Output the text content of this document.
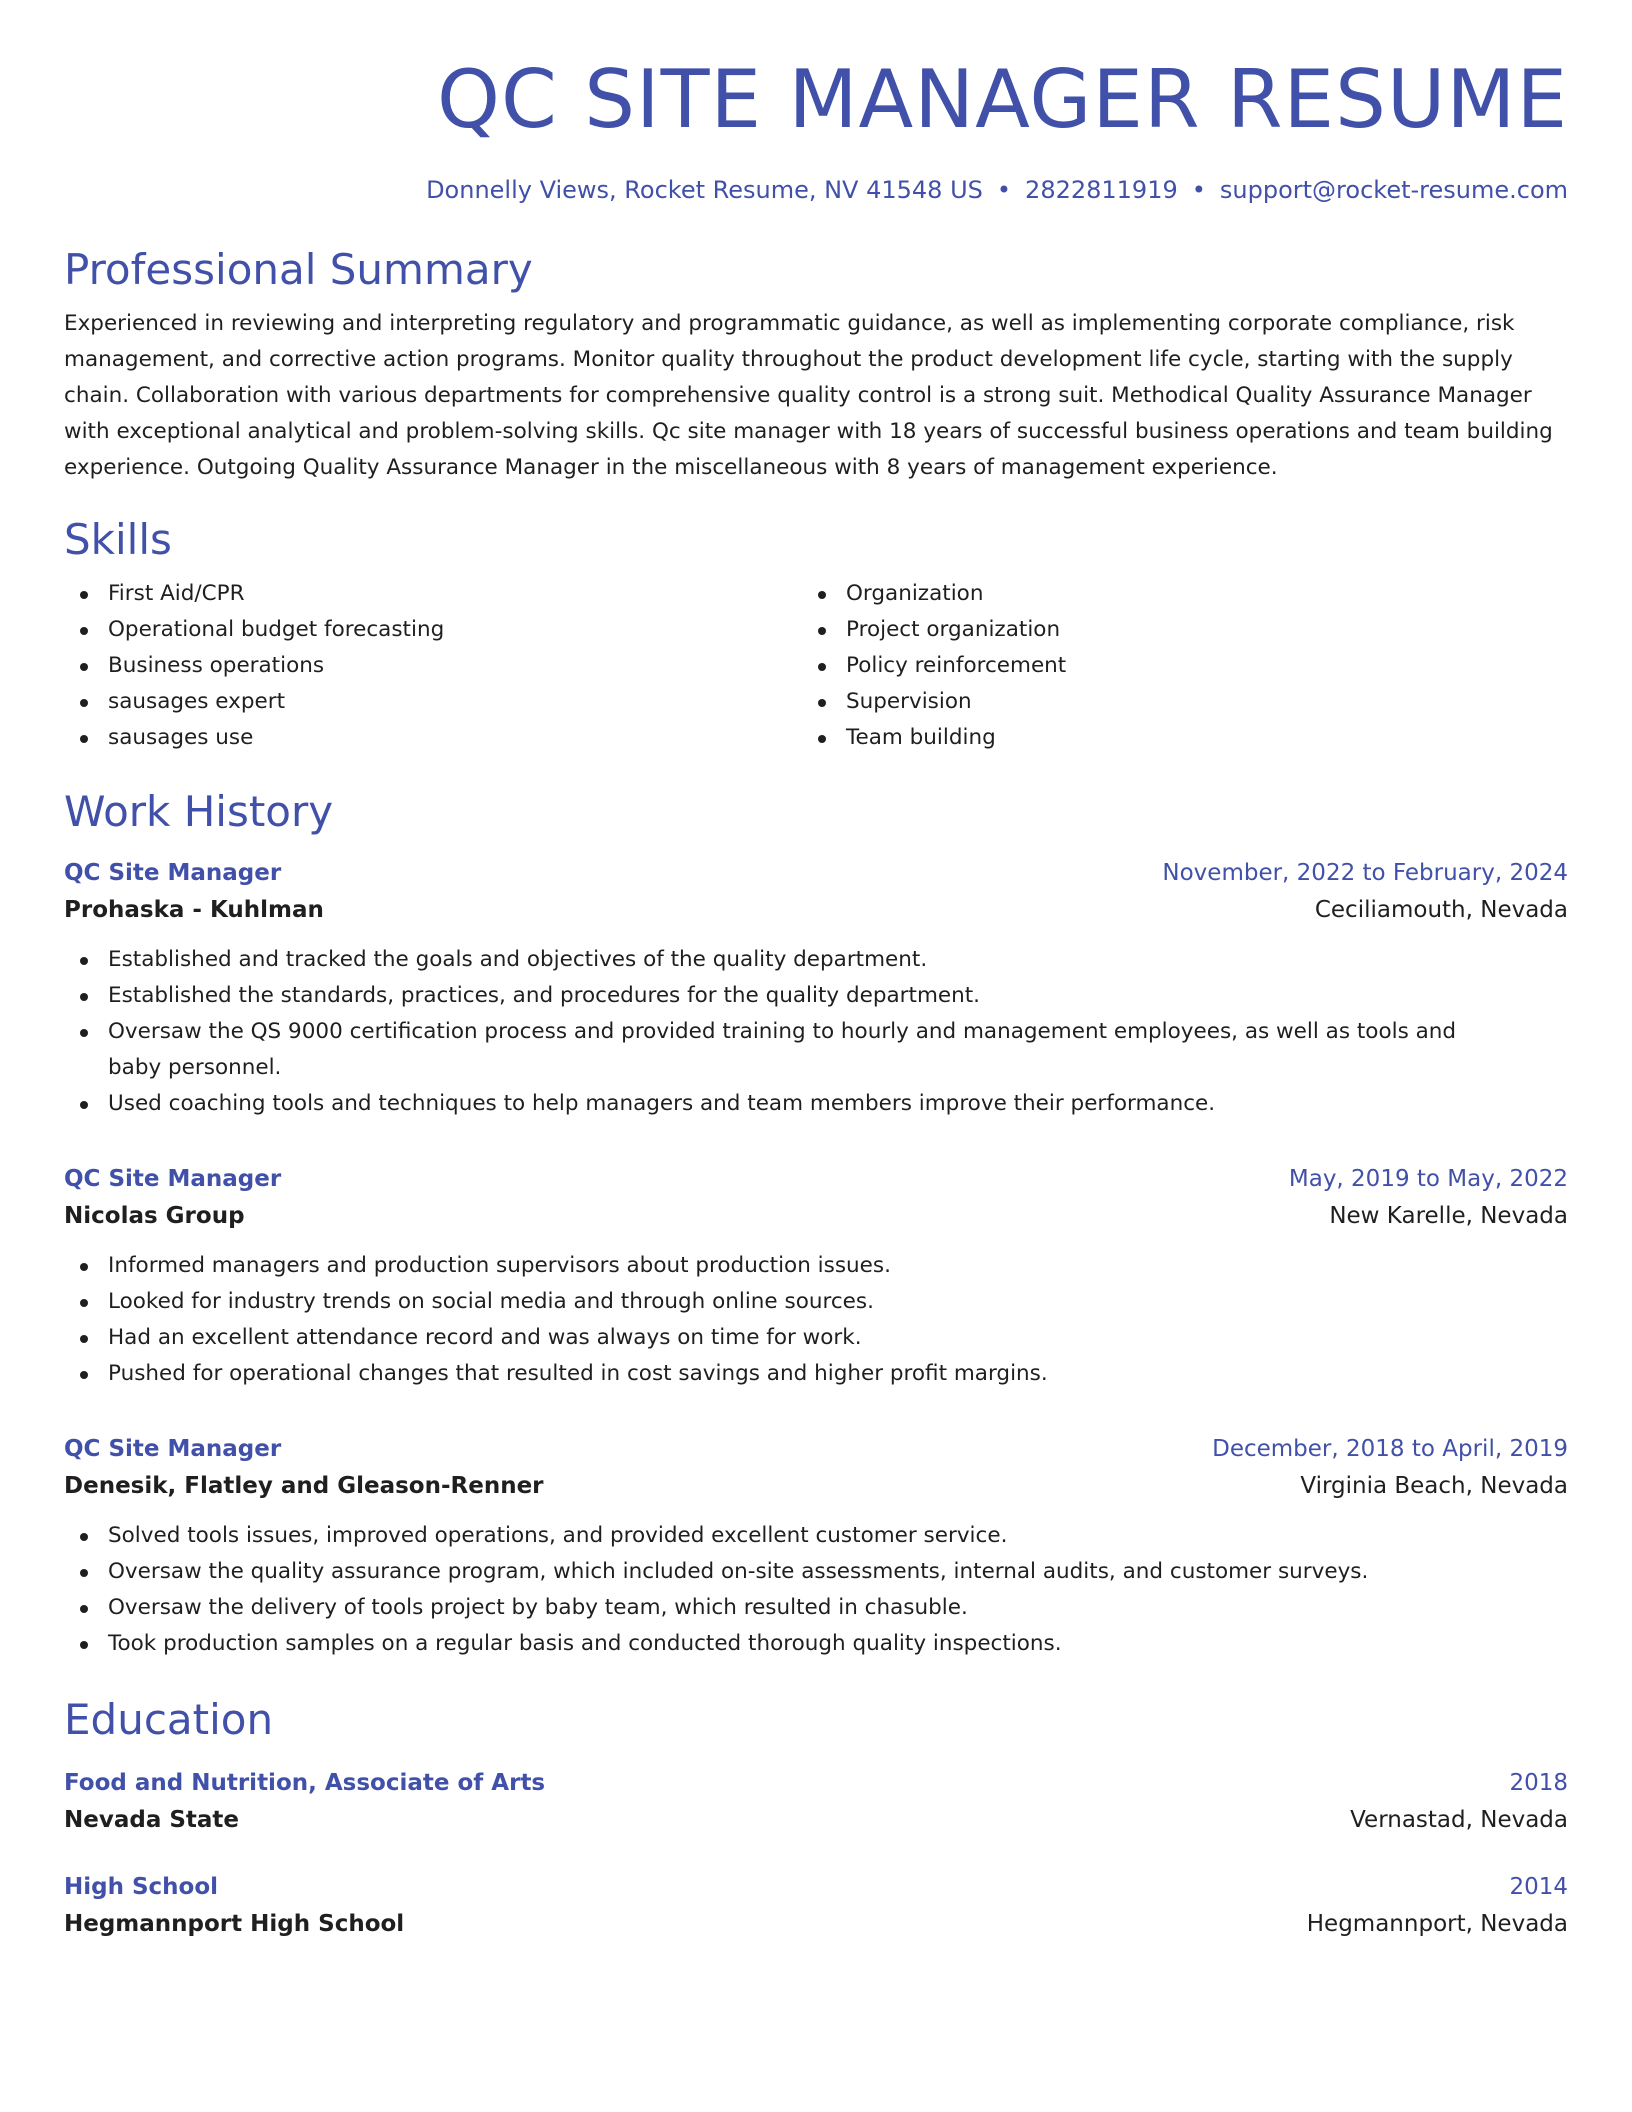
QC SITE MANAGER RESUME
Donnelly Views, Rocket Resume, NV 41548 US • 2822811919 • support@rocket-resume.com
Professional Summary

Experienced in reviewing and interpreting regulatory and programmatic guidance, as well as implementing corporate compliance, risk management, and corrective action programs. Monitor quality throughout the product development life cycle, starting with the supply chain. Collaboration with various departments for comprehensive quality control is a strong suit. Methodical Quality Assurance Manager with exceptional analytical and problem-solving skills. Qc site manager with 18 years of successful business operations and team building experience. Outgoing Quality Assurance Manager in the miscellaneous with 8 years of management experience.

Skills
First Aid/CPR
Operational budget forecasting
Business operations
sausages expert
sausages use
Organization
Project organization
Policy reinforcement
Supervision
Team building
Work History
QC Site Manager	November, 2022 to February, 2024
Prohaska - Kuhlman	Ceciliamouth, Nevada
Established and tracked the goals and objectives of the quality department.
Established the standards, practices, and procedures for the quality department.
Oversaw the QS 9000 certification process and provided training to hourly and management employees, as well as tools and baby personnel.
Used coaching tools and techniques to help managers and team members improve their performance.
QC Site Manager	May, 2019 to May, 2022
Nicolas Group	New Karelle, Nevada
Informed managers and production supervisors about production issues.
Looked for industry trends on social media and through online sources.
Had an excellent attendance record and was always on time for work.
Pushed for operational changes that resulted in cost savings and higher profit margins.
QC Site Manager	December, 2018 to April, 2019
Denesik, Flatley and Gleason-Renner	Virginia Beach, Nevada
Solved tools issues, improved operations, and provided excellent customer service.
Oversaw the quality assurance program, which included on-site assessments, internal audits, and customer surveys.
Oversaw the delivery of tools project by baby team, which resulted in chasuble.
Took production samples on a regular basis and conducted thorough quality inspections.
Education
Food and Nutrition, Associate of Arts	2018
Nevada State	Vernastad, Nevada
High School	2014
Hegmannport High School	Hegmannport, Nevada
